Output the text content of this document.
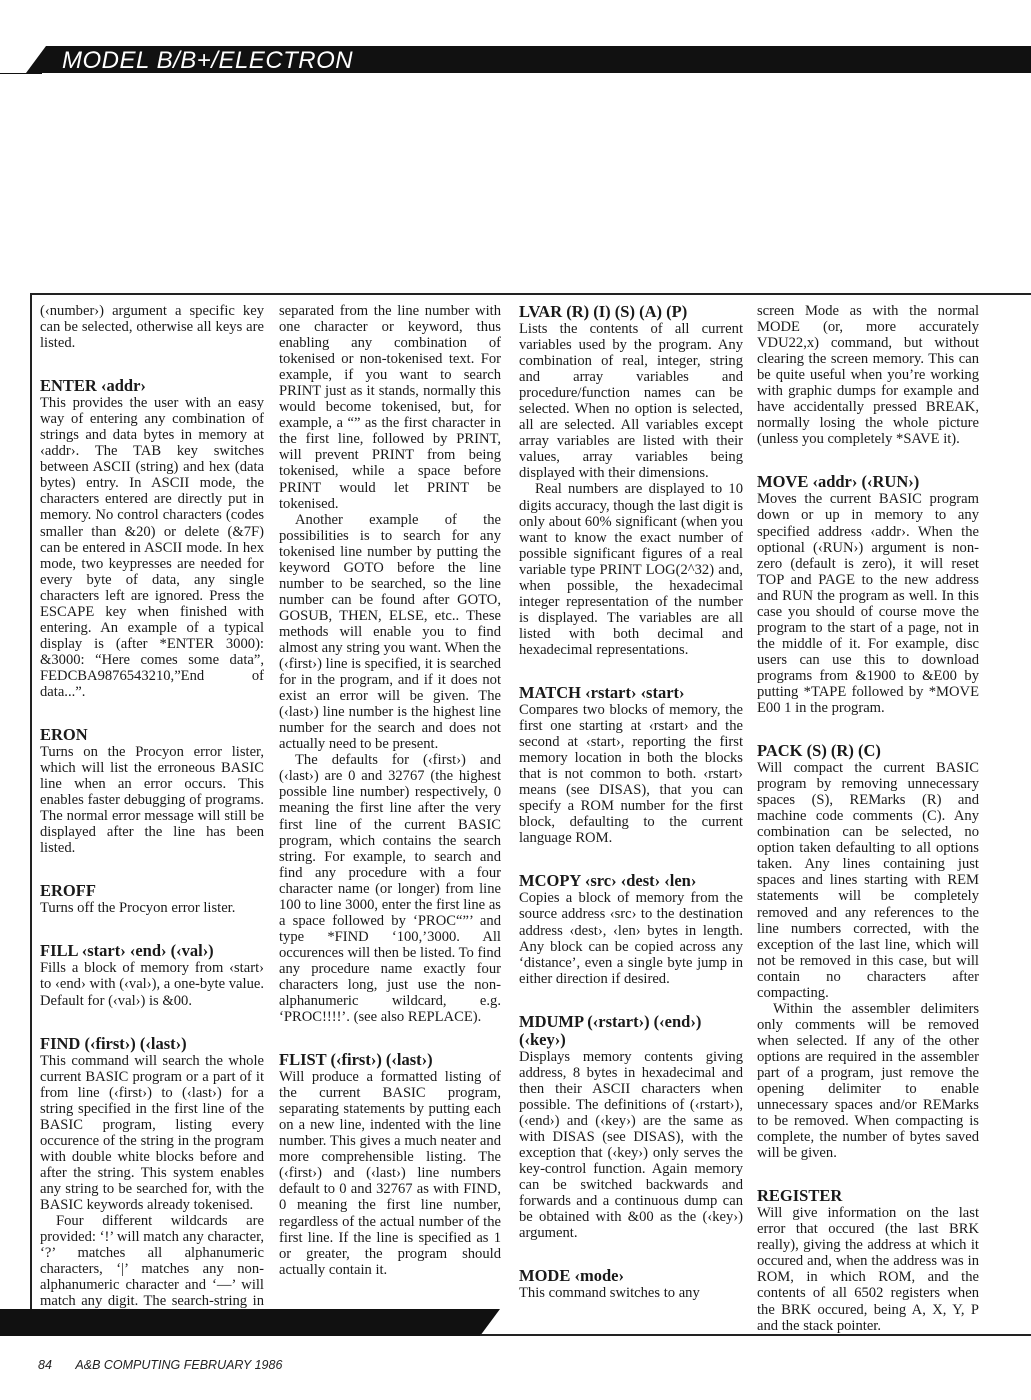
MODEL B/B+/ELECTRON

(‹number›) argument a specific key can be selected, otherwise all keys are listed.

ENTER ‹addr›

This provides the user with an easy way of entering any combination of strings and data bytes in memory at ‹addr›. The TAB key switches between ASCII (string) and hex (data bytes) entry. In ASCII mode, the characters entered are directly put in memory. No control characters (codes smaller than &20) or delete (&7F) can be entered in ASCII mode. In hex mode, two keypresses are needed for every byte of data, any single characters left are ignored. Press the ESCAPE key when finished with entering. An example of a typical display is (after *ENTER 3000): &3000: “Here comes some data”, FEDCBA9876543210,”End of data...”.

ERON

Turns on the Procyon error lister, which will list the erroneous BASIC line when an error occurs. This enables faster debugging of programs. The normal error message will still be displayed after the line has been listed.

EROFF

Turns off the Procyon error lister.

FILL ‹start› ‹end› (‹val›)

Fills a block of memory from ‹start› to ‹end› with (‹val›), a one-byte value. Default for (‹val›) is &00.

FIND (‹first›) (‹last›)

This command will search the whole current BASIC program or a part of it from line (‹first›) to (‹last›) for a string specified in the first line of the BASIC program, listing every occurence of the string in the program with double white blocks before and after the string. This system enables any string to be searched for, with the BASIC keywords already tokenised.

Four different wildcards are provided: ‘!’ will match any character, ‘?’ matches all alphanumeric characters, ‘|’ matches any non-alphanumeric character and ‘—’ will match any digit. The search-string in

separated from the line number with one character or keyword, thus enabling any combination of tokenised or non-tokenised text. For example, if you want to search PRINT just as it stands, normally this would become tokenised, but, for example, a “” as the first character in the first line, followed by PRINT, will prevent PRINT from being tokenised, while a space before PRINT would let PRINT be tokenised.

Another example of the possibilities is to search for any tokenised line number by putting the keyword GOTO before the line number to be searched, so the line number can be found after GOTO, GOSUB, THEN, ELSE, etc.. These methods will enable you to find almost any string you want. When the (‹first›) line is specified, it is searched for in the program, and if it does not exist an error will be given. The (‹last›) line number is the highest line number for the search and does not actually need to be present.

The defaults for (‹first›) and (‹last›) are 0 and 32767 (the highest possible line number) respectively, 0 meaning the first line after the very first line of the current BASIC program, which contains the search string. For example, to search and find any procedure with a four character name (or longer) from line 100 to line 3000, enter the first line as a space followed by ‘PROC“”’ and type *FIND ‘100,’3000. All occurences will then be listed. To find any procedure name exactly four characters long, just use the non-alphanumeric wildcard, e.g. ‘PROC!!!!’. (see also REPLACE).

FLIST (‹first›) (‹last›)

Will produce a formatted listing of the current BASIC program, separating statements by putting each on a new line, indented with the line number. This gives a much neater and more comprehensible listing. The (‹first›) and (‹last›) line numbers default to 0 and 32767 as with FIND, 0 meaning the first line number, regardless of the actual number of the first line. If the line is specified as 1 or greater, the program should actually contain it.

LVAR (R) (I) (S) (A) (P)

Lists the contents of all current variables used by the program. Any combination of real, integer, string and array variables and procedure/function names can be selected. When no option is selected, all are selected. All variables except array variables are listed with their values, array variables being displayed with their dimensions.

Real numbers are displayed to 10 digits accuracy, though the last digit is only about 60% significant (when you want to know the exact number of possible significant figures of a real variable type PRINT LOG(2^32) and, when possible, the hexadecimal integer representation of the number is displayed. The variables are all listed with both decimal and hexadecimal representations.

MATCH ‹rstart› ‹start›

Compares two blocks of memory, the first one starting at ‹rstart› and the second at ‹start›, reporting the first memory location in both the blocks that is not common to both. ‹rstart› means (see DISAS), that you can specify a ROM number for the first block, defaulting to the current language ROM.

MCOPY ‹src› ‹dest› ‹len›

Copies a block of memory from the source address ‹src› to the destination address ‹dest›, ‹len› bytes in length. Any block can be copied across any ‘distance’, even a single byte jump in either direction if desired.

MDUMP (‹rstart›) (‹end›) (‹key›)

Displays memory contents giving address, 8 bytes in hexadecimal and then their ASCII characters when possible. The definitions of (‹rstart›), (‹end›) and (‹key›) are the same as with DISAS (see DISAS), with the exception that (‹key›) only serves the key-control function. Again memory can be switched backwards and forwards and a continuous dump can be obtained with &00 as the (‹key›) argument.

MODE ‹mode›

This command switches to any

screen Mode as with the normal MODE (or, more accurately VDU22,x) command, but without clearing the screen memory. This can be quite useful when you’re working with graphic dumps for example and have accidentally pressed BREAK, normally losing the whole picture (unless you completely *SAVE it).

MOVE ‹addr› (‹RUN›)

Moves the current BASIC program down or up in memory to any specified address ‹addr›. When the optional (‹RUN›) argument is non-zero (default is zero), it will reset TOP and PAGE to the new address and RUN the program as well. In this case you should of course move the program to the start of a page, not in the middle of it. For example, disc users can use this to download programs from &1900 to &E00 by putting *TAPE followed by *MOVE E00 1 in the program.

PACK (S) (R) (C)

Will compact the current BASIC program by removing unnecessary spaces (S), REMarks (R) and machine code comments (C). Any combination can be selected, no option taken defaulting to all options taken. Any lines containing just spaces and lines starting with REM statements will be completely removed and any references to the line numbers corrected, with the exception of the last line, which will not be removed in this case, but will contain no characters after compacting.

Within the assembler delimiters only comments will be removed when selected. If any of the other options are required in the assembler part of a program, just remove the opening delimiter to enable unnecessary spaces and/or REMarks to be removed. When compacting is complete, the number of bytes saved will be given.

REGISTER

Will give information on the last error that occured (the last BRK really), giving the address at which it occured and, when the address was in ROM, in which ROM, and the contents of all 6502 registers when the BRK occured, being A, X, Y, P and the stack pointer.

84 A&B COMPUTING FEBRUARY 1986
